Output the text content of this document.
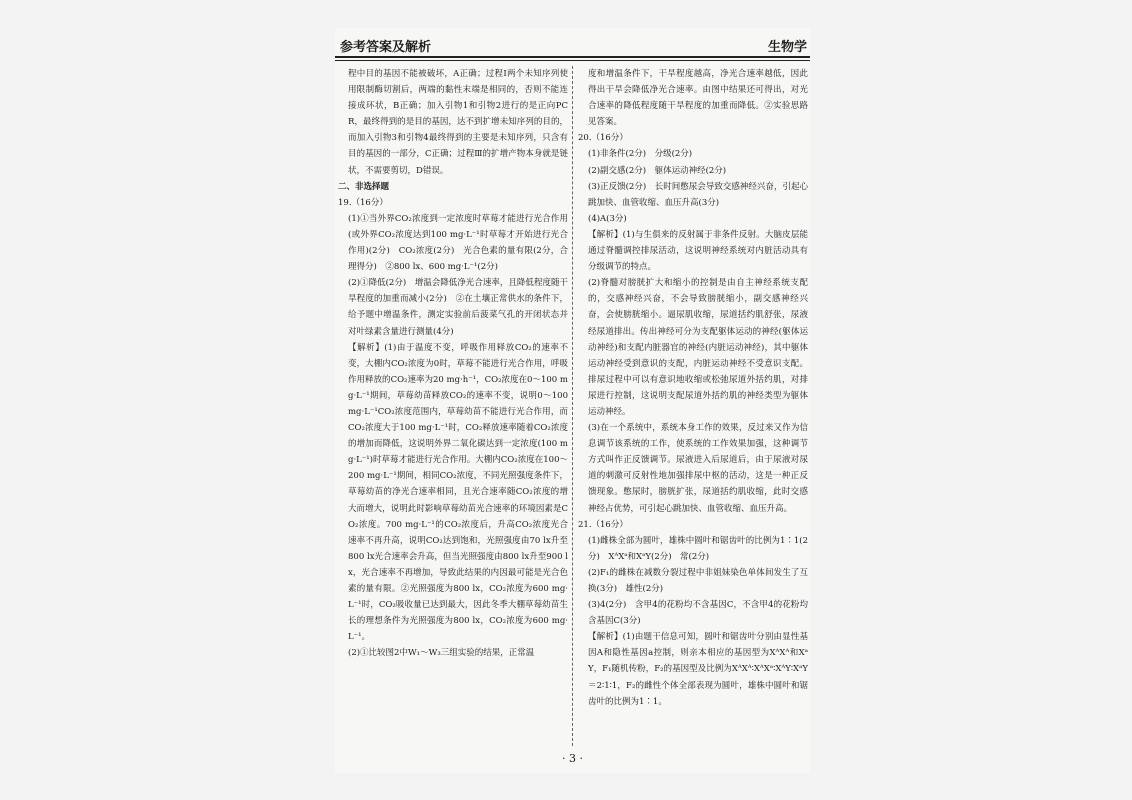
参考答案及解析	生物学

程中目的基因不能被破坏，A正确；过程Ⅰ两个未知序列使用限制酶切割后，两端的黏性末端是相同的，否则不能连接成环状，B正确；加入引物1和引物2进行的是正向PCR，最终得到的是目的基因，达不到扩增未知序列的目的，而加入引物3和引物4最终得到的主要是未知序列，只含有目的基因的一部分，C正确；过程Ⅲ的扩增产物本身就是链状，不需要剪切，D错误。

二、非选择题

19.（16分）

(1)①当外界CO₂浓度到一定浓度时草莓才能进行光合作用(或外界CO₂浓度达到100 mg·L⁻¹时草莓才开始进行光合作用)(2分)　CO₂浓度(2分)　光合色素的量有限(2分，合理得分)　②800 lx、600 mg·L⁻¹(2分)

(2)①降低(2分)　增温会降低净光合速率，且降低程度随干旱程度的加重而减小(2分)　②在土壤正常供水的条件下，给予题中增温条件，测定实验前后菠菜气孔的开闭状态并对叶绿素含量进行测量(4分)

【解析】(1)由于温度不变，呼吸作用释放CO₂的速率不变，大棚内CO₂浓度为0时，草莓不能进行光合作用，呼吸作用释放的CO₂速率为20 mg·h⁻¹，CO₂浓度在0～100 mg·L⁻¹期间，草莓幼苗释放CO₂的速率不变，说明0～100 mg·L⁻¹CO₂浓度范围内，草莓幼苗不能进行光合作用，而CO₂浓度大于100 mg·L⁻¹时，CO₂释放速率随着CO₂浓度的增加而降低，这说明外界二氧化碳达到一定浓度(100 mg·L⁻¹)时草莓才能进行光合作用。大棚内CO₂浓度在100～200 mg·L⁻¹期间，相同CO₂浓度，不同光照强度条件下，草莓幼苗的净光合速率相同，且光合速率随CO₂浓度的增大而增大，说明此时影响草莓幼苗光合速率的环境因素是CO₂浓度。700 mg·L⁻¹的CO₂浓度后，升高CO₂浓度光合速率不再升高，说明CO₂达到饱和，光照强度由70 lx升至800 lx光合速率会升高，但当光照强度由800 lx升至900 lx，光合速率不再增加，导致此结果的内因最可能是光合色素的量有限。②光照强度为800 lx，CO₂浓度为600 mg·L⁻¹时，CO₂吸收量已达到最大，因此冬季大棚草莓幼苗生长的理想条件为光照强度为800 lx，CO₂浓度为600 mg·L⁻¹。

(2)①比较图2中W₁～W₃三组实验的结果，正常温

度和增温条件下，干旱程度越高，净光合速率越低，因此得出干旱会降低净光合速率。由图中结果还可得出，对光合速率的降低程度随干旱程度的加重而降低。②实验思路见答案。

20.（16分）

(1)非条件(2分)　分级(2分)

(2)副交感(2分)　躯体运动神经(2分)

(3)正反馈(2分)　长时间憋尿会导致交感神经兴奋，引起心跳加快、血管收缩、血压升高(3分)

(4)A(3分)

【解析】(1)与生俱来的反射属于非条件反射。大脑皮层能通过脊髓调控排尿活动，这说明神经系统对内脏活动具有分级调节的特点。

(2)脊髓对膀胱扩大和缩小的控制是由自主神经系统支配的，交感神经兴奋，不会导致膀胱缩小，副交感神经兴奋，会使膀胱缩小。逼尿肌收缩，尿道括约肌舒张，尿液经尿道排出。传出神经可分为支配躯体运动的神经(躯体运动神经)和支配内脏器官的神经(内脏运动神经)，其中躯体运动神经受到意识的支配，内脏运动神经不受意识支配。排尿过程中可以有意识地收缩或松弛尿道外括约肌，对排尿进行控制，这说明支配尿道外括约肌的神经类型为躯体运动神经。

(3)在一个系统中，系统本身工作的效果，反过来又作为信息调节该系统的工作，使系统的工作效果加强，这种调节方式叫作正反馈调节。尿液进入后尿道后，由于尿液对尿道的刺激可反射性地加强排尿中枢的活动，这是一种正反馈现象。憋尿时，膀胱扩张，尿道括约肌收缩，此时交感神经占优势，可引起心跳加快、血管收缩、血压升高。

21.（16分）

(1)雌株全部为圆叶，雄株中圆叶和锯齿叶的比例为1∶1(2分)　XᴬXᵃ和XᵃY(2分)　常(2分)

(2)F₁的雌株在减数分裂过程中非姐妹染色单体间发生了互换(3分)　雄性(2分)

(3)4(2分)　含甲4的花粉均不含基因C，不含甲4的花粉均含基因C(3分)

【解析】(1)由题干信息可知，圆叶和锯齿叶分别由显性基因A和隐性基因a控制，则亲本相应的基因型为XᴬXᴬ和XᵃY，F₁随机传粉，F₂的基因型及比例为XᴬXᴬ∶XᴬXᵃ∶XᴬY∶XᵃY＝2∶1∶1，F₂的雌性个体全部表现为圆叶，雄株中圆叶和锯齿叶的比例为1∶1。

· 3 ·
